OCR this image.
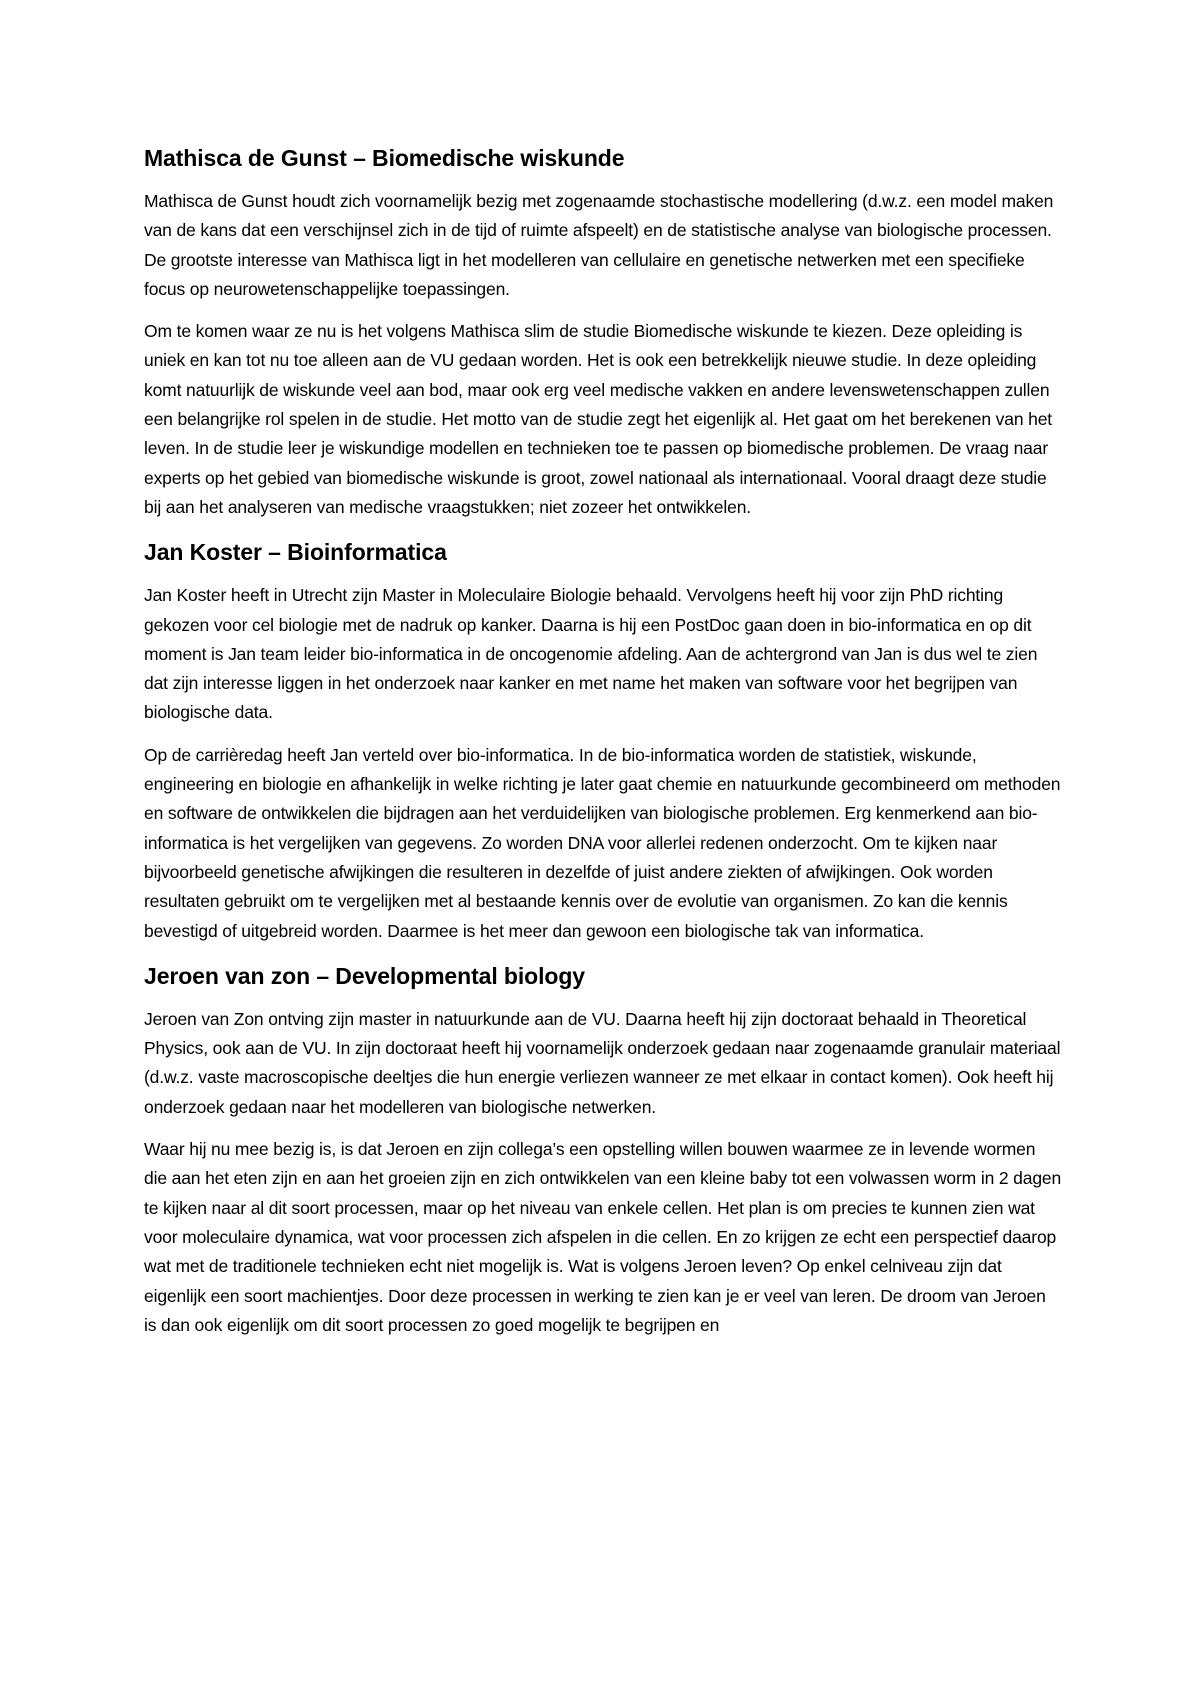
Mathisca de Gunst – Biomedische wiskunde

Mathisca de Gunst houdt zich voornamelijk bezig met zogenaamde stochastische modellering (d.w.z. een model maken van de kans dat een verschijnsel zich in de tijd of ruimte afspeelt) en de statistische analyse van biologische processen. De grootste interesse van Mathisca ligt in het modelleren van cellulaire en genetische netwerken met een specifieke focus op neurowetenschappelijke toepassingen.

Om te komen waar ze nu is het volgens Mathisca slim de studie Biomedische wiskunde te kiezen. Deze opleiding is uniek en kan tot nu toe alleen aan de VU gedaan worden. Het is ook een betrekkelijk nieuwe studie. In deze opleiding komt natuurlijk de wiskunde veel aan bod, maar ook erg veel medische vakken en andere levenswetenschappen zullen een belangrijke rol spelen in de studie. Het motto van de studie zegt het eigenlijk al. Het gaat om het berekenen van het leven. In de studie leer je wiskundige modellen en technieken toe te passen op biomedische problemen. De vraag naar experts op het gebied van biomedische wiskunde is groot, zowel nationaal als internationaal. Vooral draagt deze studie bij aan het analyseren van medische vraagstukken; niet zozeer het ontwikkelen.

Jan Koster – Bioinformatica

Jan Koster heeft in Utrecht zijn Master in Moleculaire Biologie behaald. Vervolgens heeft hij voor zijn PhD richting gekozen voor cel biologie met de nadruk op kanker. Daarna is hij een PostDoc gaan doen in bio-informatica en op dit moment is Jan team leider bio-informatica in de oncogenomie afdeling. Aan de achtergrond van Jan is dus wel te zien dat zijn interesse liggen in het onderzoek naar kanker en met name het maken van software voor het begrijpen van biologische data.

Op de carrièredag heeft Jan verteld over bio-informatica. In de bio-informatica worden de statistiek, wiskunde, engineering en biologie en afhankelijk in welke richting je later gaat chemie en natuurkunde gecombineerd om methoden en software de ontwikkelen die bijdragen aan het verduidelijken van biologische problemen. Erg kenmerkend aan bio-informatica is het vergelijken van gegevens. Zo worden DNA voor allerlei redenen onderzocht. Om te kijken naar bijvoorbeeld genetische afwijkingen die resulteren in dezelfde of juist andere ziekten of afwijkingen. Ook worden resultaten gebruikt om te vergelijken met al bestaande kennis over de evolutie van organismen. Zo kan die kennis bevestigd of uitgebreid worden. Daarmee is het meer dan gewoon een biologische tak van informatica.

Jeroen van zon – Developmental biology

Jeroen van Zon ontving zijn master in natuurkunde aan de VU. Daarna heeft hij zijn doctoraat behaald in Theoretical Physics, ook aan de VU. In zijn doctoraat heeft hij voornamelijk onderzoek gedaan naar zogenaamde granulair materiaal (d.w.z. vaste macroscopische deeltjes die hun energie verliezen wanneer ze met elkaar in contact komen). Ook heeft hij onderzoek gedaan naar het modelleren van biologische netwerken.

Waar hij nu mee bezig is, is dat Jeroen en zijn collega’s een opstelling willen bouwen waarmee ze in levende wormen die aan het eten zijn en aan het groeien zijn en zich ontwikkelen van een kleine baby tot een volwassen worm in 2 dagen te kijken naar al dit soort processen, maar op het niveau van enkele cellen. Het plan is om precies te kunnen zien wat voor moleculaire dynamica, wat voor processen zich afspelen in die cellen. En zo krijgen ze echt een perspectief daarop wat met de traditionele technieken echt niet mogelijk is. Wat is volgens Jeroen leven? Op enkel celniveau zijn dat eigenlijk een soort machientjes. Door deze processen in werking te zien kan je er veel van leren. De droom van Jeroen is dan ook eigenlijk om dit soort processen zo goed mogelijk te begrijpen en
